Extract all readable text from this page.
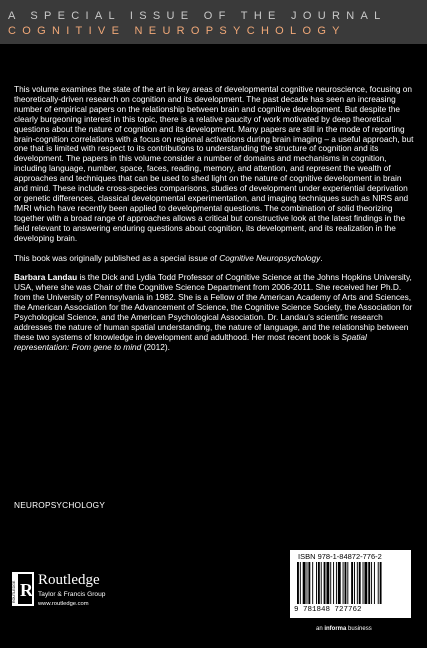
A SPECIAL ISSUE OF THE JOURNAL
COGNITIVE NEUROPSYCHOLOGY

This volume examines the state of the art in key areas of developmental cognitive neuroscience, focusing on theoretically-driven research on cognition and its development. The past decade has seen an increasing number of empirical papers on the relationship between brain and cognitive development. But despite the clearly burgeoning interest in this topic, there is a relative paucity of work motivated by deep theoretical questions about the nature of cognition and its development. Many papers are still in the mode of reporting brain-cognition correlations with a focus on regional activations during brain imaging – a useful approach, but one that is limited with respect to its contributions to understanding the structure of cognition and its development. The papers in this volume consider a number of domains and mechanisms in cognition, including language, number, space, faces, reading, memory, and attention, and represent the wealth of approaches and techniques that can be used to shed light on the nature of cognitive development in brain and mind. These include cross-species comparisons, studies of development under experiential deprivation or genetic differences, classical developmental experimentation, and imaging techniques such as NIRS and fMRI which have recently been applied to developmental questions. The combination of solid theorizing together with a broad range of approaches allows a critical but constructive look at the latest findings in the field relevant to answering enduring questions about cognition, its development, and its realization in the developing brain.

This book was originally published as a special issue of Cognitive Neuropsychology.

Barbara Landau is the Dick and Lydia Todd Professor of Cognitive Science at the Johns Hopkins University, USA, where she was Chair of the Cognitive Science Department from 2006-2011. She received her Ph.D. from the University of Pennsylvania in 1982. She is a Fellow of the American Academy of Arts and Sciences, the American Association for the Advancement of Science, the Cognitive Science Society, the Association for Psychological Science, and the American Psychological Association. Dr. Landau's scientific research addresses the nature of human spatial understanding, the nature of language, and the relationship between these two systems of knowledge in development and adulthood. Her most recent book is Spatial representation: From gene to mind (2012).

NEUROPSYCHOLOGY
ROUTLEDGE R Routledge
Taylor & Francis Group
www.routledge.com
ISBN 978-1-84872-776-2
9 781848 727762
an informa business
